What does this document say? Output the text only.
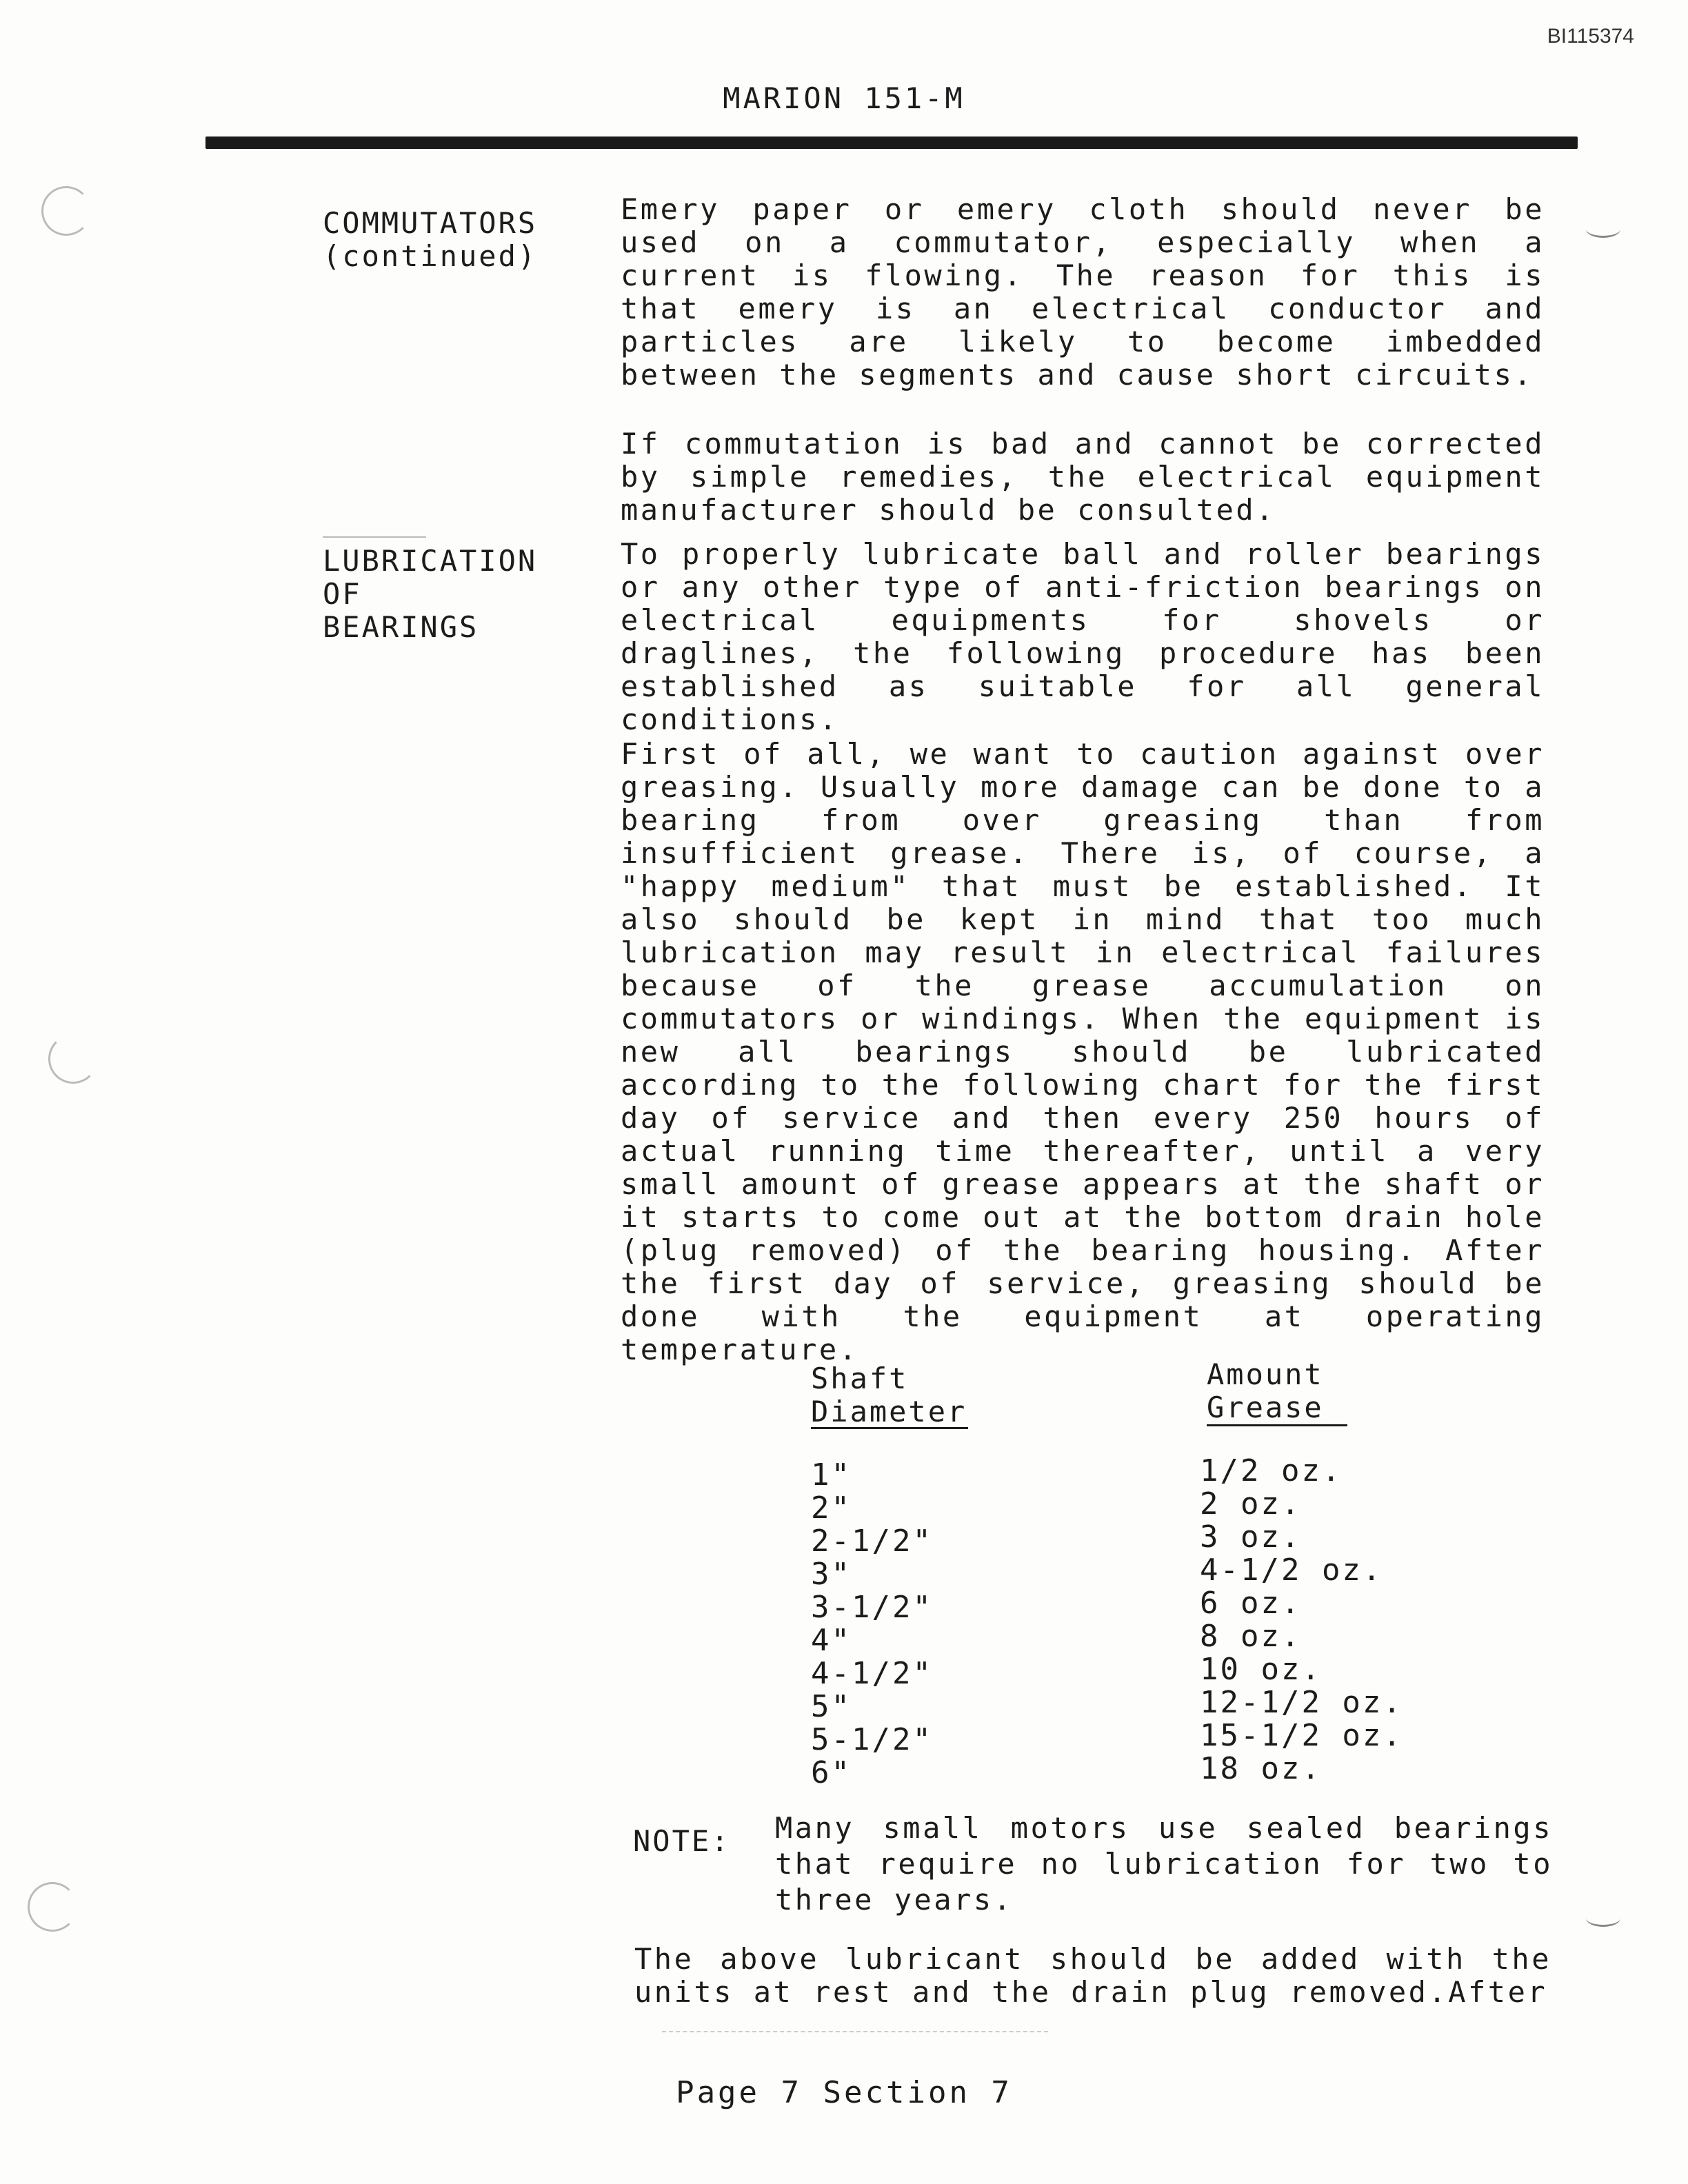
BI115374
MARION 151-M
COMMUTATORS
(continued)
Emery paper or emery cloth should never be used on a commutator, especially when a current is flowing. The reason for this is that emery is an electrical conductor and particles are likely to become imbedded between the segments and cause short circuits.
If commutation is bad and cannot be corrected by simple remedies, the electrical equipment manufacturer should be consulted.
LUBRICATION
OF
BEARINGS
To properly lubricate ball and roller bearings or any other type of anti-friction bearings on electrical equipments for shovels or draglines, the following procedure has been established as suitable for all general conditions.
First of all, we want to caution against over greasing. Usually more damage can be done to a bearing from over greasing than from insufficient grease. There is, of course, a "happy medium" that must be established. It also should be kept in mind that too much lubrication may result in electrical failures because of the grease accumulation on commutators or windings. When the equipment is new all bearings should be lubricated according to the following chart for the first day of service and then every 250 hours of actual running time thereafter, until a very small amount of grease appears at the shaft or it starts to come out at the bottom drain hole (plug removed) of the bearing housing. After the first day of service, greasing should be done with the equipment at operating temperature.
Shaft
Diameter
Amount
Grease
1"
2"
2-1/2"
3"
3-1/2"
4"
4-1/2"
5"
5-1/2"
6"
1/2 oz.
2 oz.
3 oz.
4-1/2 oz.
6 oz.
8 oz.
10 oz.
12-1/2 oz.
15-1/2 oz.
18 oz.
NOTE: Many small motors use sealed bearings that require no lubrication for two to three years.
The above lubricant should be added with the units at rest and the drain plug removed.After
Page 7 Section 7
